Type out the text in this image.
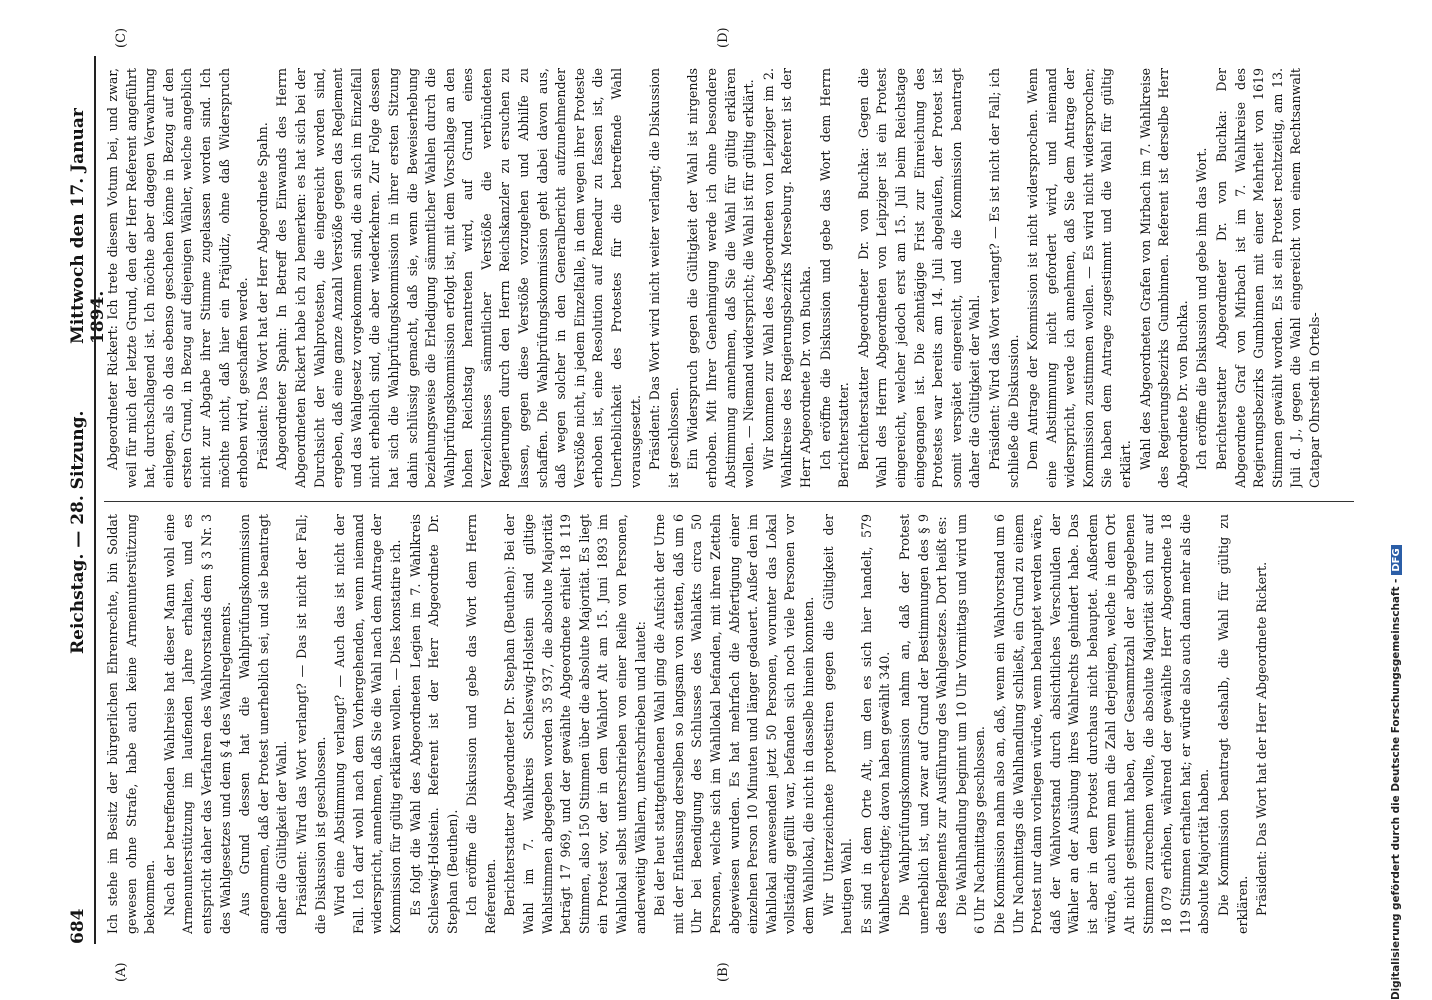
684
Reichstag. — 28. Sitzung.
Mittwoch den 17. Januar 1894.
(A)	(B)
(C)	(D)

Ich stehe im Besitz der bürgerlichen Ehrenrechte, bin Soldat gewesen ohne Strafe, habe auch keine Armenunterstützung bekommen. Nach der betreffenden Wahlreise hat dieser Mann wohl eine Armenunterstützung im laufenden Jahre erhalten, und es entspricht daher das Verfahren des Wahlvorstands dem § 3 Nr. 3 des Wahlgesetzes und dem § 4 des Wahlreglements. Aus Grund dessen hat die Wahlprüfungskommission angenommen, daß der Protest unerheblich sei, und sie beantragt daher die Gültigkeit der Wahl. Präsident: Wird das Wort verlangt? — Das ist nicht der Fall; die Diskussion ist geschlossen. Wird eine Abstimmung verlangt? — Auch das ist nicht der Fall. Ich darf wohl nach dem Vorhergehenden, wenn niemand widerspricht, annehmen, daß Sie die Wahl nach dem Antrage der Kommission für gültig erklären wollen. — Dies konstatire ich. Es folgt die Wahl des Abgeordneten Legien im 7. Wahlkreis Schleswig-Holstein. Referent ist der Herr Abgeordnete Dr. Stephan (Beuthen). Ich eröffne die Diskussion und gebe das Wort dem Herrn Referenten. Berichterstatter Abgeordneter Dr. Stephan (Beuthen): Bei der Wahl im 7. Wahlkreis Schleswig-Holstein sind giltige Wahlstimmen abgegeben worden 35 937, die absolute Majorität beträgt 17 969, und der gewählte Abgeordnete erhielt 18 119 Stimmen, also 150 Stimmen über die absolute Majorität. Es liegt ein Protest vor, der in dem Wahlort Alt am 15. Juni 1893 im Wahllokal selbst unterschrieben von einer Reihe von Personen, anderweitig Wählern, unterschrieben und lautet: Bei der heut stattgefundenen Wahl ging die Aufsicht der Urne mit der Entlassung derselben so langsam von statten, daß um 6 Uhr bei Beendigung des Schlusses des Wahlakts circa 50 Personen, welche sich im Wahllokal befanden, mit ihren Zetteln abgewiesen wurden. Es hat mehrfach die Abfertigung einer einzelnen Person 10 Minuten und länger gedauert. Außer den im Wahllokal anwesenden jetzt 50 Personen, worunter das Lokal vollständig gefüllt war, befanden sich noch viele Personen vor dem Wahllokal, die nicht in dasselbe hinein konnten. Wir Unterzeichnete protestiren gegen die Gültigkeit der heutigen Wahl. Es sind in dem Orte Alt, um den es sich hier handelt, 579 Wahlberechtigte; davon haben gewählt 340. Die Wahlprüfungskommission nahm an, daß der Protest unerheblich ist, und zwar auf Grund der Bestimmungen des § 9 des Reglements zur Ausführung des Wahlgesetzes. Dort heißt es: Die Wahlhandlung beginnt um 10 Uhr Vormittags und wird um 6 Uhr Nachmittags geschlossen. Die Kommission nahm also an, daß, wenn ein Wahlvorstand um 6 Uhr Nachmittags die Wahlhandlung schließt, ein Grund zu einem Protest nur dann vorliegen würde, wenn behauptet werden wäre, daß der Wahlvorstand durch absichtliches Verschulden der Wähler an der Ausübung ihres Wahlrechts gehindert habe. Das ist aber in dem Protest durchaus nicht behauptet. Außerdem würde, auch wenn man die Zahl derjenigen, welche in dem Ort Alt nicht gestimmt haben, der Gesammtzahl der abgegebenen Stimmen zurechnen wollte, die absolute Majorität sich nur auf 18 079 erhöhen, während der gewählte Herr Abgeordnete 18 119 Stimmen erhalten hat; er würde also auch dann mehr als die absolute Majorität haben. Die Kommission beantragt deshalb, die Wahl für gültig zu erklären. Präsident: Das Wort hat der Herr Abgeordnete Rickert.

Abgeordneter Rickert: Ich trete diesem Votum bei, und zwar, weil für mich der letzte Grund, den der Herr Referent angeführt hat, durchschlagend ist. Ich möchte aber dagegen Verwahrung einlegen, als ob das ebenso geschehen könne in Bezug auf den ersten Grund, in Bezug auf diejenigen Wähler, welche angeblich nicht zur Abgabe ihrer Stimme zugelassen worden sind. Ich möchte nicht, daß hier ein Präjudiz, ohne daß Widerspruch erhoben wird, geschaffen werde. Präsident: Das Wort hat der Herr Abgeordnete Spahn. Abgeordneter Spahn: In Betreff des Einwands des Herrn Abgeordneten Rickert habe ich zu bemerken: es hat sich bei der Durchsicht der Wahlprotesten, die eingereicht worden sind, ergeben, daß eine ganze Anzahl Verstöße gegen das Reglement und das Wahlgesetz vorgekommen sind, die an sich im Einzelfall nicht erheblich sind, die aber wiederkehren. Zur Folge dessen hat sich die Wahlprüfungskommission in ihrer ersten Sitzung dahin schlüssig gemacht, daß sie, wenn die Beweiserhebung beziehungsweise die Erledigung sämmtlicher Wahlen durch die Wahlprüfungskommission erfolgt ist, mit dem Vorschlage an den hohen Reichstag herantreten wird, auf Grund eines Verzeichnisses sämmtlicher Verstöße die verbündeten Regierungen durch den Herrn Reichskanzler zu ersuchen zu lassen, gegen diese Verstöße vorzugehen und Abhilfe zu schaffen. Die Wahlprüfungskommission geht dabei davon aus, daß wegen solcher in den Generalbericht aufzunehmender Verstöße nicht, in jedem Einzelfalle, in dem wegen ihrer Proteste erhoben ist, eine Resolution auf Remedur zu fassen ist, die Unerheblichkeit des Protestes für die betreffende Wahl vorausgesetzt. Präsident: Das Wort wird nicht weiter verlangt; die Diskussion ist geschlossen. Ein Widerspruch gegen die Gültigkeit der Wahl ist nirgends erhoben. Mit Ihrer Genehmigung werde ich ohne besondere Abstimmung annehmen, daß Sie die Wahl für gültig erklären wollen. — Niemand widerspricht; die Wahl ist für gültig erklärt. Wir kommen zur Wahl des Abgeordneten von Leipziger im 2. Wahlkreise des Regierungsbezirks Merseburg. Referent ist der Herr Abgeordnete Dr. von Buchka. Ich eröffne die Diskussion und gebe das Wort dem Herrn Berichterstatter. Berichterstatter Abgeordneter Dr. von Buchka: Gegen die Wahl des Herrn Abgeordneten von Leipziger ist ein Protest eingereicht, welcher jedoch erst am 15. Juli beim Reichstage eingegangen ist. Die zehntägige Frist zur Einreichung des Protestes war bereits am 14. Juli abgelaufen, der Protest ist somit verspätet eingereicht, und die Kommission beantragt daher die Gültigkeit der Wahl. Präsident: Wird das Wort verlangt? — Es ist nicht der Fall; ich schließe die Diskussion. Dem Antrage der Kommission ist nicht widersprochen. Wenn eine Abstimmung nicht gefordert wird, und niemand widerspricht, werde ich annehmen, daß Sie dem Antrage der Kommission zustimmen wollen. — Es wird nicht widersprochen; Sie haben dem Antrage zugestimmt und die Wahl für gültig erklärt. Wahl des Abgeordneten Grafen von Mirbach im 7. Wahlkreise des Regierungsbezirks Gumbinnen. Referent ist derselbe Herr Abgeordnete Dr. von Buchka. Ich eröffne die Diskussion und gebe ihm das Wort. Berichterstatter Abgeordneter Dr. von Buchka: Der Abgeordnete Graf von Mirbach ist im 7. Wahlkreise des Regierungsbezirks Gumbinnen mit einer Mehrheit von 1619 Stimmen gewählt worden. Es ist ein Protest rechtzeitig, am 13. Juli d. J., gegen die Wahl eingereicht von einem Rechtsanwalt Catapar Ohrstedt in Ortels-

Digitalisierung gefördert durch die Deutsche Forschungsgemeinschaft -DFG
